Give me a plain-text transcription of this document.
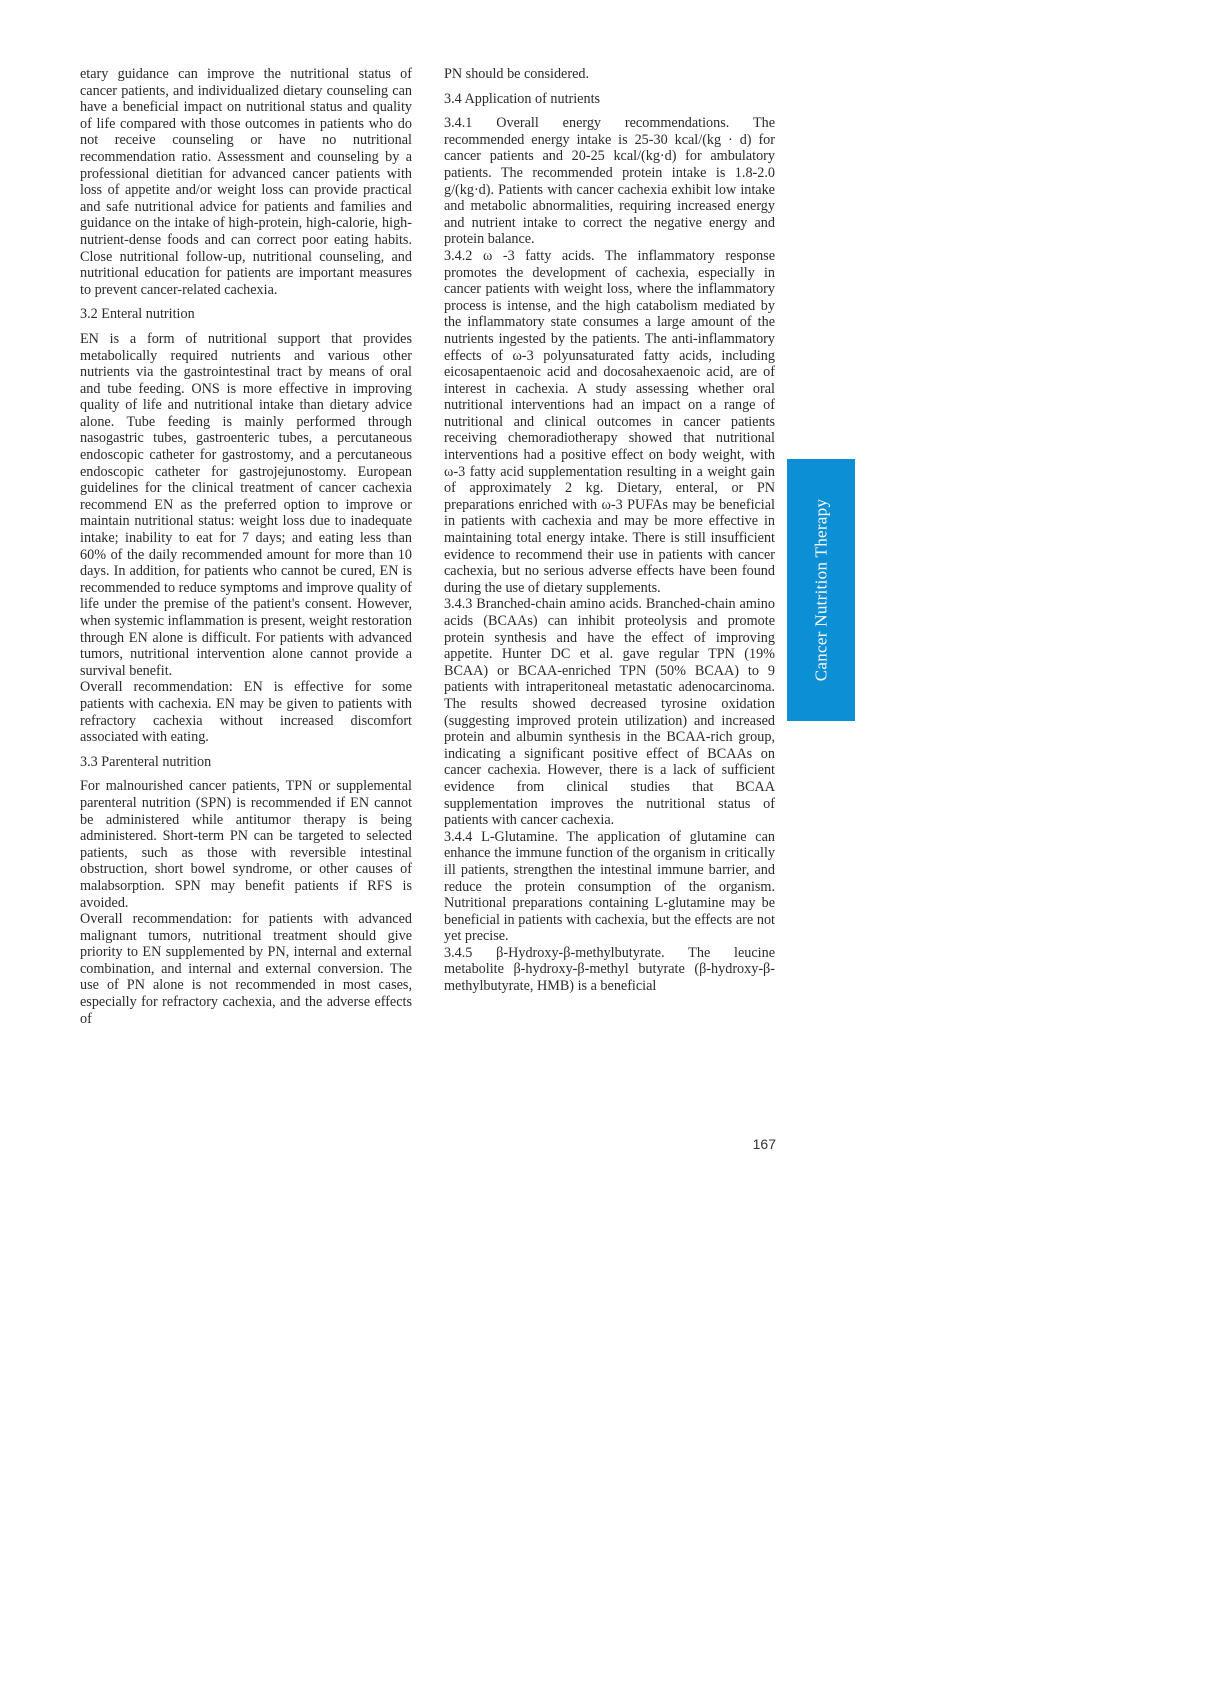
etary guidance can improve the nutritional status of cancer patients, and individualized dietary counseling can have a beneficial impact on nutritional status and quality of life compared with those outcomes in patients who do not receive counseling or have no nutritional recommendation ratio. Assessment and counseling by a professional dietitian for advanced cancer patients with loss of appetite and/or weight loss can provide practical and safe nutritional advice for patients and families and guidance on the intake of high-protein, high-calorie, high-nutrient-dense foods and can correct poor eating habits. Close nutritional follow-up, nutritional counseling, and nutritional education for patients are important measures to prevent cancer-related cachexia.

3.2 Enteral nutrition

EN is a form of nutritional support that provides metabolically required nutrients and various other nutrients via the gastrointestinal tract by means of oral and tube feeding. ONS is more effective in improving quality of life and nutritional intake than dietary advice alone. Tube feeding is mainly performed through nasogastric tubes, gastroenteric tubes, a percutaneous endoscopic catheter for gastrostomy, and a percutaneous endoscopic catheter for gastrojejunostomy. European guidelines for the clinical treatment of cancer cachexia recommend EN as the preferred option to improve or maintain nutritional status: weight loss due to inadequate intake; inability to eat for 7 days; and eating less than 60% of the daily recommended amount for more than 10 days. In addition, for patients who cannot be cured, EN is recommended to reduce symptoms and improve quality of life under the premise of the patient's consent. However, when systemic inflammation is present, weight restoration through EN alone is difficult. For patients with advanced tumors, nutritional intervention alone cannot provide a survival benefit.

Overall recommendation: EN is effective for some patients with cachexia. EN may be given to patients with refractory cachexia without increased discomfort associated with eating.

3.3 Parenteral nutrition

For malnourished cancer patients, TPN or supplemental parenteral nutrition (SPN) is recommended if EN cannot be administered while antitumor therapy is being administered. Short-term PN can be targeted to selected patients, such as those with reversible intestinal obstruction, short bowel syndrome, or other causes of malabsorption. SPN may benefit patients if RFS is avoided.

Overall recommendation: for patients with advanced malignant tumors, nutritional treatment should give priority to EN supplemented by PN, internal and external combination, and internal and external conversion. The use of PN alone is not recommended in most cases, especially for refractory cachexia, and the adverse effects of

PN should be considered.

3.4 Application of nutrients

3.4.1 Overall energy recommendations. The recommended energy intake is 25-30 kcal/(kg · d) for cancer patients and 20-25 kcal/(kg·d) for ambulatory patients. The recommended protein intake is 1.8-2.0 g/(kg·d). Patients with cancer cachexia exhibit low intake and metabolic abnormalities, requiring increased energy and nutrient intake to correct the negative energy and protein balance.

3.4.2 ω -3 fatty acids. The inflammatory response promotes the development of cachexia, especially in cancer patients with weight loss, where the inflammatory process is intense, and the high catabolism mediated by the inflammatory state consumes a large amount of the nutrients ingested by the patients. The anti-inflammatory effects of ω-3 polyunsaturated fatty acids, including eicosapentaenoic acid and docosahexaenoic acid, are of interest in cachexia. A study assessing whether oral nutritional interventions had an impact on a range of nutritional and clinical outcomes in cancer patients receiving chemoradiotherapy showed that nutritional interventions had a positive effect on body weight, with ω-3 fatty acid supplementation resulting in a weight gain of approximately 2 kg. Dietary, enteral, or PN preparations enriched with ω-3 PUFAs may be beneficial in patients with cachexia and may be more effective in maintaining total energy intake. There is still insufficient evidence to recommend their use in patients with cancer cachexia, but no serious adverse effects have been found during the use of dietary supplements.

3.4.3 Branched-chain amino acids. Branched-chain amino acids (BCAAs) can inhibit proteolysis and promote protein synthesis and have the effect of improving appetite. Hunter DC et al. gave regular TPN (19% BCAA) or BCAA-enriched TPN (50% BCAA) to 9 patients with intraperitoneal metastatic adenocarcinoma. The results showed decreased tyrosine oxidation (suggesting improved protein utilization) and increased protein and albumin synthesis in the BCAA-rich group, indicating a significant positive effect of BCAAs on cancer cachexia. However, there is a lack of sufficient evidence from clinical studies that BCAA supplementation improves the nutritional status of patients with cancer cachexia.

3.4.4 L-Glutamine. The application of glutamine can enhance the immune function of the organism in critically ill patients, strengthen the intestinal immune barrier, and reduce the protein consumption of the organism. Nutritional preparations containing L-glutamine may be beneficial in patients with cachexia, but the effects are not yet precise.

3.4.5 β-Hydroxy-β-methylbutyrate. The leucine metabolite β-hydroxy-β-methyl butyrate (β-hydroxy-β-methylbutyrate, HMB) is a beneficial

Cancer Nutrition Therapy
167
